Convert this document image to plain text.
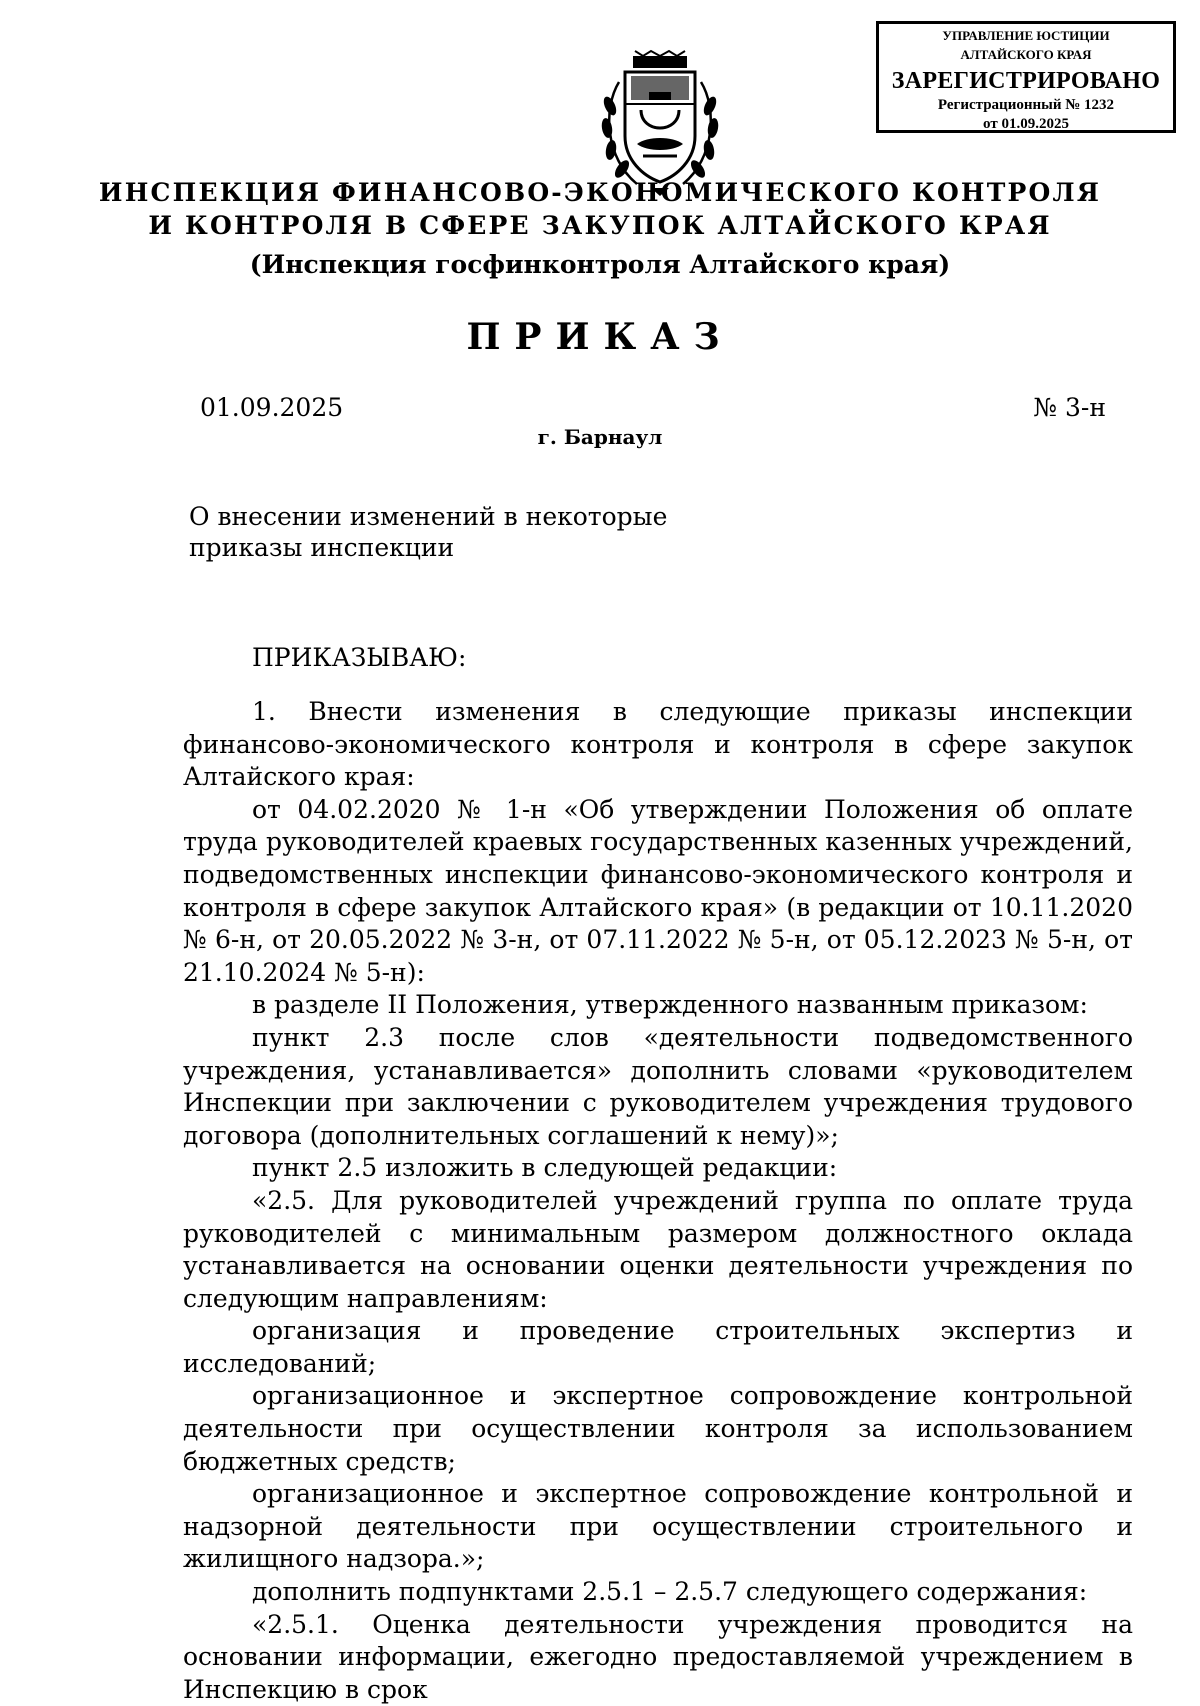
УПРАВЛЕНИЕ ЮСТИЦИИ
АЛТАЙСКОГО КРАЯ
ЗАРЕГИСТРИРОВАНО
Регистрационный № 1232
от 01.09.2025
ИНСПЕКЦИЯ ФИНАНСОВО-ЭКОНОМИЧЕСКОГО КОНТРОЛЯ
И КОНТРОЛЯ В СФЕРЕ ЗАКУПОК АЛТАЙСКОГО КРАЯ
(Инспекция госфинконтроля Алтайского края)
ПРИКАЗ
01.09.2025	№ 3-н
г. Барнаул
О внесении изменений в некоторые
приказы инспекции
ПРИКАЗЫВАЮ:

1. Внести изменения в следующие приказы инспекции финансово-экономического контроля и контроля в сфере закупок Алтайского края:

от 04.02.2020 № 1-н «Об утверждении Положения об оплате труда руководителей краевых государственных казенных учреждений, подведомственных инспекции финансово-экономического контроля и контроля в сфере закупок Алтайского края» (в редакции от 10.11.2020 № 6-н, от 20.05.2022 № 3-н, от 07.11.2022 № 5-н, от 05.12.2023 № 5-н, от 21.10.2024 № 5-н):

в разделе II Положения, утвержденного названным приказом:

пункт 2.3 после слов «деятельности подведомственного учреждения, устанавливается» дополнить словами «руководителем Инспекции при заключении с руководителем учреждения трудового договора (дополнительных соглашений к нему)»;

пункт 2.5 изложить в следующей редакции:

«2.5. Для руководителей учреждений группа по оплате труда руководителей с минимальным размером должностного оклада устанавливается на основании оценки деятельности учреждения по следующим направлениям:

организация и проведение строительных экспертиз и исследований;

организационное и экспертное сопровождение контрольной деятельности при осуществлении контроля за использованием бюджетных средств;

организационное и экспертное сопровождение контрольной и надзорной деятельности при осуществлении строительного и жилищного надзора.»;

дополнить подпунктами 2.5.1 – 2.5.7 следующего содержания:

«2.5.1. Оценка деятельности учреждения проводится на основании информации, ежегодно предоставляемой учреждением в Инспекцию в срок
